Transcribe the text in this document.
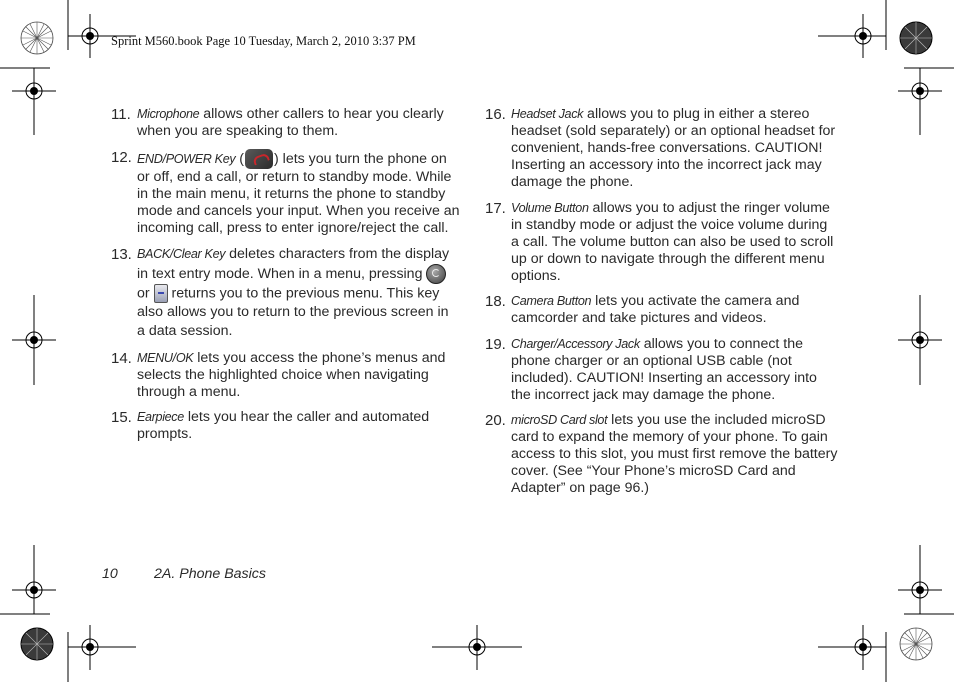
Sprint M560.book Page 10 Tuesday, March 2, 2010 3:37 PM
11. Microphone allows other callers to hear you clearly when you are speaking to them.
12. END/POWER Key ( ) lets you turn the phone on or off, end a call, or return to standby mode. While in the main menu, it returns the phone to standby mode and cancels your input. When you receive an incoming call, press to enter ignore/reject the call.
13. BACK/Clear Key deletes characters from the display in text entry mode. When in a menu, pressing  or  returns you to the previous menu. This key also allows you to return to the previous screen in a data session.
14. MENU/OK lets you access the phone’s menus and selects the highlighted choice when navigating through a menu.
15. Earpiece lets you hear the caller and automated prompts.
16. Headset Jack allows you to plug in either a stereo headset (sold separately) or an optional headset for convenient, hands-free conversations. CAUTION! Inserting an accessory into the incorrect jack may damage the phone.
17. Volume Button allows you to adjust the ringer volume in standby mode or adjust the voice volume during a call. The volume button can also be used to scroll up or down to navigate through the different menu options.
18. Camera Button lets you activate the camera and camcorder and take pictures and videos.
19. Charger/Accessory Jack allows you to connect the phone charger or an optional USB cable (not included). CAUTION! Inserting an accessory into the incorrect jack may damage the phone.
20. microSD Card slot lets you use the included microSD card to expand the memory of your phone. To gain access to this slot, you must first remove the battery cover. (See “Your Phone’s microSD Card and Adapter” on page 96.)
10	2A. Phone Basics
